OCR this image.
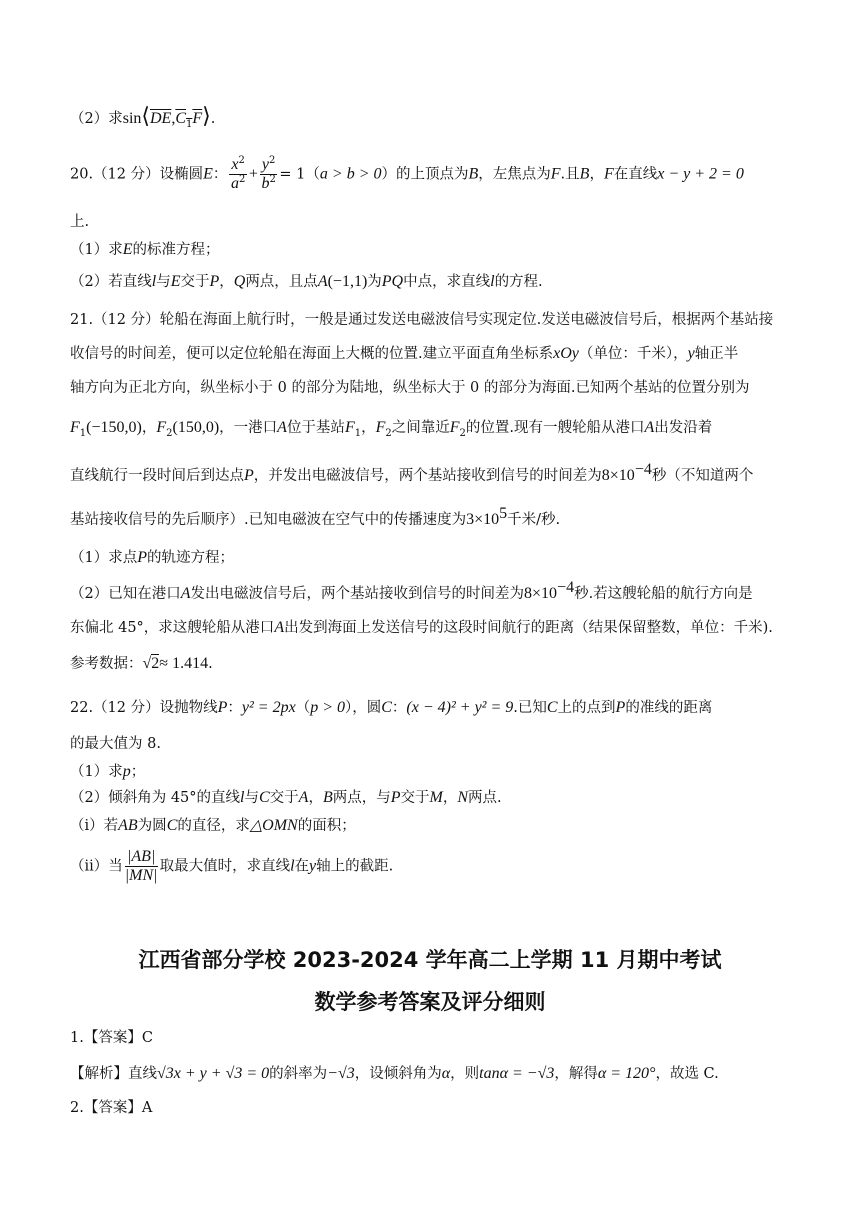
（2）求$\sin⟨\overline{DE},C_1F⟩$.
20.（12 分）设椭圆E： $\frac{x^2}{a^2} + \frac{y^2}{b^2} = 1(a > b > 0)$的上顶点为B，左焦点为F.且B，F在直线x − y + 2 = 0
上.
（1）求E的标准方程；
（2）若直线l与E交于P，Q两点，且点A(−1,1)为PQ中点，求直线l的方程.
21.（12 分）轮船在海面上航行时，一般是通过发送电磁波信号实现定位.发送电磁波信号后，根据两个基站接
收信号的时间差，便可以定位轮船在海面上大概的位置.建立平面直角坐标系xOy（单位：千米），y轴正半
轴方向为正北方向，纵坐标小于 0 的部分为陆地，纵坐标大于 0 的部分为海面.已知两个基站的位置分别为
$F_1(-150,0)$，$F_2(150,0)$，一港口A位于基站$F_1$，$F_2$之间靠近$F_2$的位置.现有一艘轮船从港口A出发沿着
直线航行一段时间后到达点P，并发出电磁波信号，两个基站接收到信号的时间差为$8\times 10^{-4}$秒（不知道两个
基站接收信号的先后顺序）.已知电磁波在空气中的传播速度为$3\times 10^5$千米/秒.
（1）求点P的轨迹方程；
（2）已知在港口A发出电磁波信号后，两个基站接收到信号的时间差为$8\times 10^{-4}$秒.若这艘轮船的航行方向是
东偏北 45°，求这艘轮船从港口A出发到海面上发送信号的这段时间航行的距离（结果保留整数，单位：千米).
参考数据：√2≈ 1.414.
22.（12 分）设抛物线P：y² = 2px（p > 0），圆C：(x − 4)² + y² = 9.已知C上的点到P的准线的距离
的最大值为 8.
（1）求p；
（2）倾斜角为 45°的直线l与C交于A，B两点，与P交于M，N两点.
（ⅰ）若AB为圆C的直径，求△OMN的面积；
（ⅱ）当 $\frac{|AB|}{|MN|}$ 取最大值时，求直线l在y轴上的截距.
江西省部分学校 2023-2024 学年高二上学期 11 月期中考试
数学参考答案及评分细则
1.【答案】C
【解析】直线√3x + y + √3 = 0的斜率为−√3，设倾斜角为α，则tanα = −√3，解得α = 120°，故选 C.
2.【答案】A
